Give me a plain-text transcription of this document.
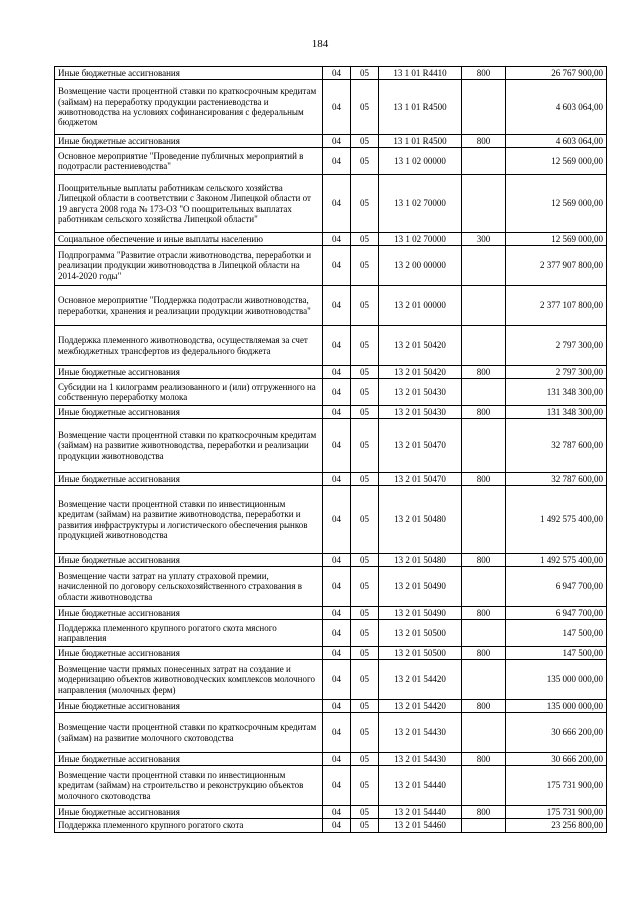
184
Иные бюджетные ассигнования	04	05	13 1 01 R4410	800	26 767 900,00
Возмещение части процентной ставки по краткосрочным кредитам (займам) на переработку продукции растениеводства и животноводства на условиях софинансирования с федеральным бюджетом	04	05	13 1 01 R4500		4 603 064,00
Иные бюджетные ассигнования	04	05	13 1 01 R4500	800	4 603 064,00
Основное мероприятие "Проведение публичных мероприятий в подотрасли растениеводства"	04	05	13 1 02 00000		12 569 000,00
Поощрительные выплаты работникам сельского хозяйства Липецкой области в соответствии с Законом Липецкой области от 19 августа 2008 года № 173-ОЗ "О поощрительных выплатах работникам сельского хозяйства Липецкой области"	04	05	13 1 02 70000		12 569 000,00
Социальное обеспечение и иные выплаты населению	04	05	13 1 02 70000	300	12 569 000,00
Подпрограмма "Развитие отрасли животноводства, переработки и реализации продукции животноводства в Липецкой области на 2014-2020 годы"	04	05	13 2 00 00000		2 377 907 800,00
Основное мероприятие "Поддержка подотрасли животноводства, переработки, хранения и реализации продукции животноводства"	04	05	13 2 01 00000		2 377 107 800,00
Поддержка племенного животноводства, осуществляемая за счет межбюджетных трансфертов из федерального бюджета	04	05	13 2 01 50420		2 797 300,00
Иные бюджетные ассигнования	04	05	13 2 01 50420	800	2 797 300,00
Субсидии на 1 килограмм реализованного и (или) отгруженного на собственную переработку молока	04	05	13 2 01 50430		131 348 300,00
Иные бюджетные ассигнования	04	05	13 2 01 50430	800	131 348 300,00
Возмещение части процентной ставки по краткосрочным кредитам (займам) на развитие животноводства, переработки и реализации продукции животноводства	04	05	13 2 01 50470		32 787 600,00
Иные бюджетные ассигнования	04	05	13 2 01 50470	800	32 787 600,00
Возмещение части процентной ставки по инвестиционным кредитам (займам) на развитие животноводства, переработки и развития инфраструктуры и логистического обеспечения рынков продукцией животноводства	04	05	13 2 01 50480		1 492 575 400,00
Иные бюджетные ассигнования	04	05	13 2 01 50480	800	1 492 575 400,00
Возмещение части затрат на уплату страховой премии, начисленной по договору сельскохозяйственного страхования в области животноводства	04	05	13 2 01 50490		6 947 700,00
Иные бюджетные ассигнования	04	05	13 2 01 50490	800	6 947 700,00
Поддержка племенного крупного рогатого скота мясного направления	04	05	13 2 01 50500		147 500,00
Иные бюджетные ассигнования	04	05	13 2 01 50500	800	147 500,00
Возмещение части прямых понесенных затрат на создание и модернизацию объектов животноводческих комплексов молочного направления (молочных ферм)	04	05	13 2 01 54420		135 000 000,00
Иные бюджетные ассигнования	04	05	13 2 01 54420	800	135 000 000,00
Возмещение части процентной ставки по краткосрочным кредитам (займам) на развитие молочного скотоводства	04	05	13 2 01 54430		30 666 200,00
Иные бюджетные ассигнования	04	05	13 2 01 54430	800	30 666 200,00
Возмещение части процентной ставки по инвестиционным кредитам (займам) на строительство и реконструкцию объектов молочного скотоводства	04	05	13 2 01 54440		175 731 900,00
Иные бюджетные ассигнования	04	05	13 2 01 54440	800	175 731 900,00
Поддержка племенного крупного рогатого скота	04	05	13 2 01 54460		23 256 800,00
